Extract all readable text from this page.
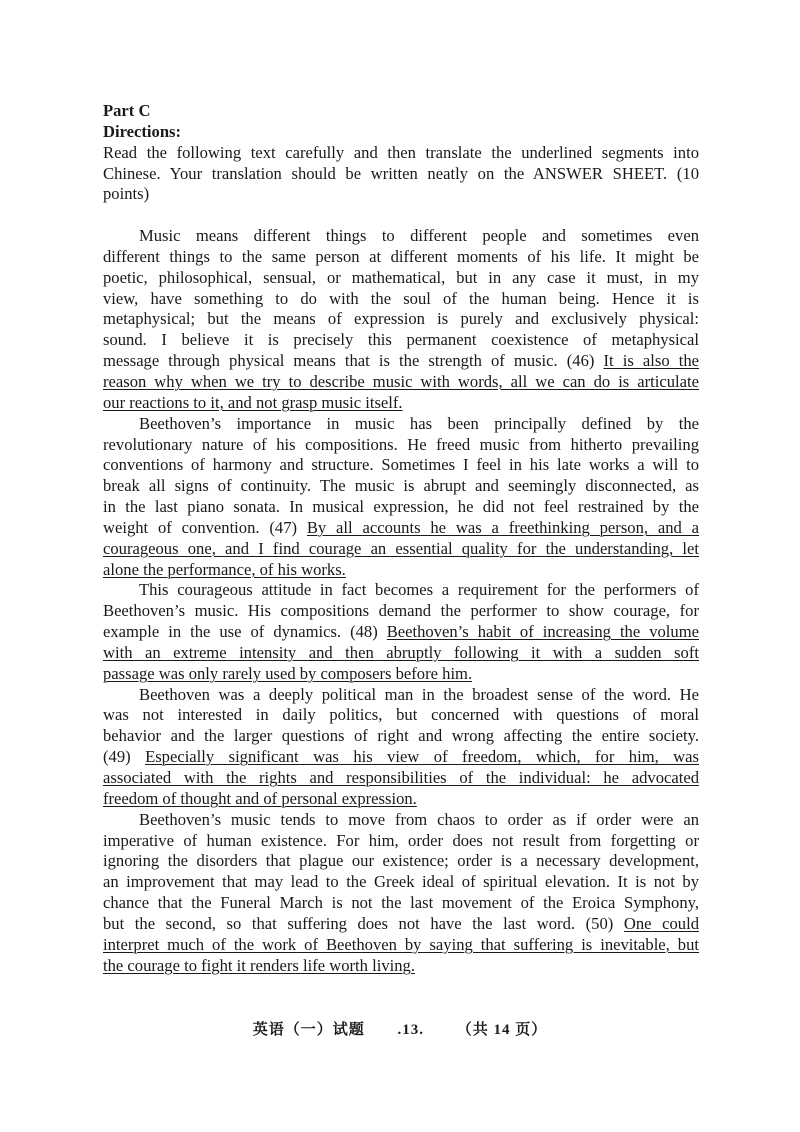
Part C
Directions:
Read the following text carefully and then translate the underlined segments into
Chinese. Your translation should be written neatly on the ANSWER SHEET. (10
points)
Music means different things to different people and sometimes even
different things to the same person at different moments of his life. It might be
poetic, philosophical, sensual, or mathematical, but in any case it must, in my
view, have something to do with the soul of the human being. Hence it is
metaphysical; but the means of expression is purely and exclusively physical:
sound. I believe it is precisely this permanent coexistence of metaphysical
message through physical means that is the strength of music. (46) It is also the
reason why when we try to describe music with words, all we can do is articulate
our reactions to it, and not grasp music itself.
Beethoven’s importance in music has been principally defined by the
revolutionary nature of his compositions. He freed music from hitherto prevailing
conventions of harmony and structure. Sometimes I feel in his late works a will to
break all signs of continuity. The music is abrupt and seemingly disconnected, as
in the last piano sonata. In musical expression, he did not feel restrained by the
weight of convention. (47) By all accounts he was a freethinking person, and a
courageous one, and I find courage an essential quality for the understanding, let
alone the performance, of his works.
This courageous attitude in fact becomes a requirement for the performers of
Beethoven’s music. His compositions demand the performer to show courage, for
example in the use of dynamics. (48) Beethoven’s habit of increasing the volume
with an extreme intensity and then abruptly following it with a sudden soft
passage was only rarely used by composers before him.
Beethoven was a deeply political man in the broadest sense of the word. He
was not interested in daily politics, but concerned with questions of moral
behavior and the larger questions of right and wrong affecting the entire society.
(49) Especially significant was his view of freedom, which, for him, was
associated with the rights and responsibilities of the individual: he advocated
freedom of thought and of personal expression.
Beethoven’s music tends to move from chaos to order as if order were an
imperative of human existence. For him, order does not result from forgetting or
ignoring the disorders that plague our existence; order is a necessary development,
an improvement that may lead to the Greek ideal of spiritual elevation. It is not by
chance that the Funeral March is not the last movement of the Eroica Symphony,
but the second, so that suffering does not have the last word. (50) One could
interpret much of the work of Beethoven by saying that suffering is inevitable, but
the courage to fight it renders life worth living.
英语（一）试题 .13. （共 14 页）
